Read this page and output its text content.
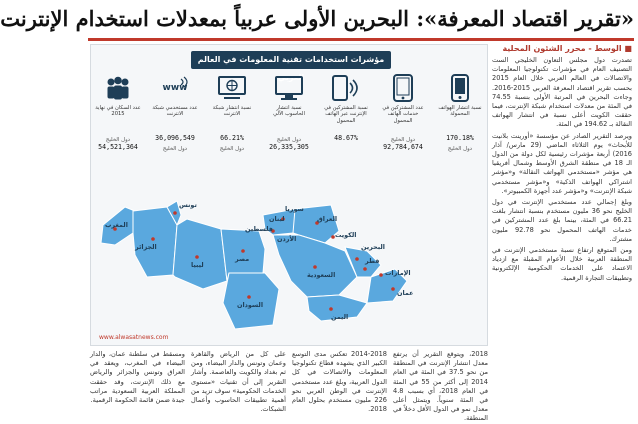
«تقرير اقتصاد المعرفة»: البحرين الأولى عربياً بمعدلات استخدام الإنترنت
مؤشرات استخدامات تقنية المعلومات في العالم العربي
نسبة انتشار الهواتف المحمولة
170.18%
دول الخليج
عدد المشتركين في خدمات الهاتف المحمول
دول الخليج
92,784,674
نسبة المشتركين في الإنترنت عبر الهاتف المحمول
48.67%
نسبة انتشار الحاسوب الآلي
دول الخليج
26,335,305
نسبة انتشار شبكة الانترنت
66.21%
دول الخليج
www
عدد مستخدمي شبكة الانترنت
36,096,549
دول الخليج
عدد السكان في نهاية 2015
دول الخليج
54,521,364
المغرب
الجزائر
تونس
ليبيا
مصر
السودان
سوريا
لبنان
فلسطين
الأردن
العراق
الكويت
البحرين
قطر
الإمارات
السعودية
عمان
اليمن
www.alwasatnews.com
■ الوسط - محرر الشئون المحلية

تصدرت دول مجلس التعاون الخليجي الست التصنيف العام في مؤشرات تكنولوجيا المعلومات والاتصالات في العالم العربي خلال العام 2015 بحسب تقرير اقتصاد المعرفة العربي 2015-2016. وجاءت البحرين في المرتبة الأولى بنسبة 74.55 في المئة من معدلات استخدام شبكة الإنترنت، فيما حققت الكويت أعلى نسبة في انتشار الهواتف النقالة بـ 194.62 في المئة.

ويرصد التقرير الصادر عن مؤسسة «أورينت بلانيت للأبحاث» يوم الثلاثاء الماضي (29 مارس/ آذار 2016) أربعة مؤشرات رئيسية لكل دولة من الدول الـ 18 في منطقة الشرق الأوسط وشمال أفريقيا هي مؤشر «مستخدمي الهواتف النقالة» و«مؤشر اشتراكي الهواتف الذكية» و«مؤشر مستخدمي شبكة الإنترنت» و«مؤشر عدد أجهزة الكمبيوتر».

وبلغ إجمالي عدد مستخدمي الإنترنت في دول الخليج نحو 36 مليون مستخدم بنسبة انتشار بلغت 66.21 في المئة، بينما بلغ عدد المشتركين في خدمات الهاتف المحمول نحو 92.78 مليون مشترك.

ومن المتوقع ارتفاع نسبة مستخدمي الإنترنت في المنطقة العربية خلال الأعوام المقبلة مع ازدياد الاعتماد على الخدمات الحكومية الإلكترونية وتطبيقات التجارة الرقمية.

2018، ويتوقع التقرير أن يرتفع معدل انتشار الإنترنت في المنطقة من نحو 37.5 في المئة في العام 2014 إلى أكثر من 55 في المئة في العام 2018، أي بسبب 4.8 في المئة سنوياً. ويتمثل أعلى معدل نمو في الدول الأقل دخلاً في المنطقة.
2014-2018 تعكس مدى التوسع الكبير الذي يشهده قطاع تكنولوجيا المعلومات والاتصالات في كل الدول العربية، وبلغ عدد مستخدمي الإنترنت في الوطن العربي نحو 226 مليون مستخدم بحلول العام 2018.
على كل من الرياض والقاهرة وعمان وتونس والدار البيضاء، ومن ثم بغداد والكويت والعاصمة. وأشار التقرير إلى أن تقنيات «مستوى الخدمات الحكومية» سوف تزيد من أهمية تطبيقات الحاسوب وأعمال الشبكات.
ومسقط في سلطنة عمان، والدار البيضاء في المغرب، ويعقد في العراق وتونس والجزائر والرياض مع ذلك الإنترنت، وقد حققت المملكة العربية السعودية مراتب جيدة ضمن قائمة الحكومة الرقمية.
